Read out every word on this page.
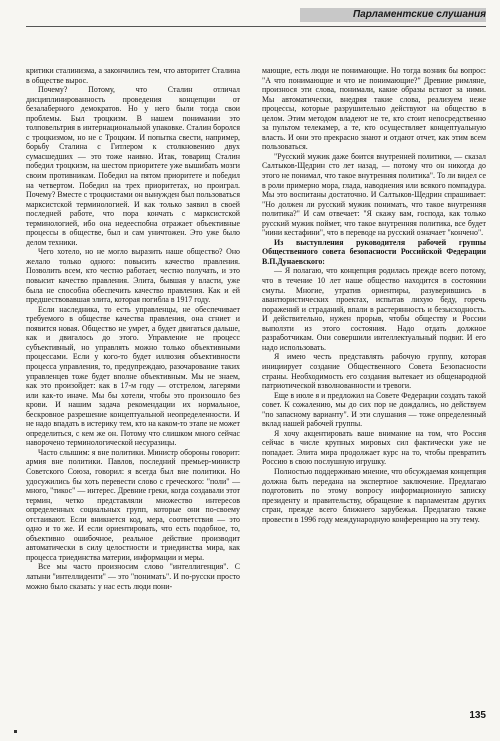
Парламентские слушания

критики сталинизма, а закончились тем, что авторитет Сталина в обществе вырос.

Почему? Потому, что Сталин отличал дисциплинированность проведения концепции от безалаберного демократов. Но у него были тогда свои проблемы. Был троцкизм. В нашем понимании это толповельтрия в интернациональной упаковке. Сталин боролся с троцкизмом, но не с Троцким. И попытка свести, например, борьбу Сталина с Гитлером к столкновению двух сумасшедших — это тоже наивно. Итак, товарищ Сталин победил троцкизм, на шестом приоритете уже вышибать мозги своим противникам. Победил на пятом приоритете и победил на четвертом. Победил на трех приоритетах, но проиграл. Почему? Вместе с троцкистами он вынужден был пользоваться марксистской терминологией. И как только заявил в своей последней работе, что пора кончать с марксистской терминологией, ибо она недееспобна отражает объективные процессы в обществе, был и сам уничтожен. Это уже было делом техники.

Чего хотело, но не могло выразить наше общество? Оно желало только одного: повысить качество правления. Позволить всем, кто честно работает, честно получать, и это повысит качество правления. Элита, бывшая у власти, уже была не способна обеспечить качество правления. Как и ей предшествовавшая элита, которая погибла в 1917 году.

Если наследника, то есть управленцы, не обеспечивает требуемого в обществе качества правления, она сгниет и появится новая. Общество не умрет, а будет двигаться дальше, как и двигалось до этого. Управление не процесс субъективный, но управлять можно только объективными процессами. Если у кого-то будет иллюзия объективности процесса управления, то, предупреждаю, разочарование таких управленцев тоже будет вполне объективным. Мы не знаем, как это произойдет: как в 17-м году — отстрелом, лагерями или как-то иначе. Мы бы хотели, чтобы это произошло без крови. И нашим задача рекомендации их нормальное, бескровное разрешение концептуальной неопределенности. И не надо впадать в истерику тем, кто на каком-то этапе не может определиться, с кем же он. Потому что слишком много сейчас наворочено терминологической несуразицы.

Часто слышим: я вне политики. Министр обороны говорит: армия вне политики. Павлов, последний премьер-министр Советского Союза, говорил: я всегда был вне политики. Но удосужились бы хоть перевести слово с греческого: "поли" — много, "тикос" — интерес. Древние греки, когда создавали этот термин, четко представляли множество интересов определенных социальных групп, которые они по-своему отстаивают. Если вникнется код, мера, соответствия — это одно и то же. И если ориентировать, что есть подобное, то, объективно ошибочное, реальное действие производит автоматически в силу целостности и триединства мира, как процесса триединства материи, информации и меры.

Все мы часто произносим слово "интеллигенция". С латыни "интеллиденти" — это "понимать". И по-русски просто можно было сказать: у нас есть люди пони-

мающие, есть люди не понимающие. Но тогда возник бы вопрос: "А что понимающие и что не понимающие?" Древние римляне, произнося эти слова, понимали, какие образы встают за ними. Мы автоматически, внедряя такие слова, реализуем неже процессы, которые разрушительно действуют на общество в целом. Этим методом владеют не те, кто стоит непосредственно за пультом телекамер, а те, кто осуществляет концептуальную власть. И они это прекрасно знают и отдают отчет, как этим всем пользоваться.

"Русский мужик даже боится внутренней политики, — сказал Салтыков-Щедрин сто лет назад, — потому что он никогда до этого не понимал, что такое внутренняя политика". То ли видел се в роли примерно мора, глада, наводнения или всякого помпадура. Мы это воспитаны достаточно. И Салтыков-Щедрин спрашивает: "Но должен ли русский мужик понимать, что такое внутренняя политика?" И сам отвечает: "Я скажу вам, господа, как только русский мужик поймет, что такое внутренняя политика, все будет "иини кестафини", что в переводе на русский означает "кончено".

Из выступления руководителя рабочей группы Общественного совета безопасности Российской Федерации В.П.Дунаевского:

— Я полагаю, что концепция родилась прежде всего потому, что в течение 10 лет наше общество находится в состоянии смуты. Многие, утратив ориентиры, разуверившись в авантюристических проектах, испытав лихую беду, горечь поражений и страданий, впали в растерянность и безысходность. И действительно, нужен прорыв, чтобы обществу и России выползти из этого состояния. Надо отдать должное разработчикам. Они совершили интеллектуальный подвиг. И его надо использовать.

Я имею честь представлять рабочую группу, которая инициирует создание Общественного Совета Безопасности страны. Необходимость его создания вытекает из общенародной патриотической взволнованности и тревоги.

Еще в июле я и предложил на Совете Федерации создать такой совет. К сожалению, мы до сих пор не дождались, но действуем "по запасному варианту". И эти слушания — тоже определенный вклад нашей рабочей группы.

Я хочу акцентировать ваше внимание на том, что Россия сейчас в числе крупных мировых сил фактически уже не попадает. Элита мира продолжает курс на то, чтобы превратить Россию в свою послушную игрушку.

Полностью поддерживаю мнение, что обсуждаемая концепция должна быть передана на экспертное заключение. Предлагаю подготовить по этому вопросу информационную записку президенту и правительству, обращение к парламентам других стран, прежде всего ближнего зарубежья. Предлагаю также провести в 1996 году международную конференцию на эту тему.

135
